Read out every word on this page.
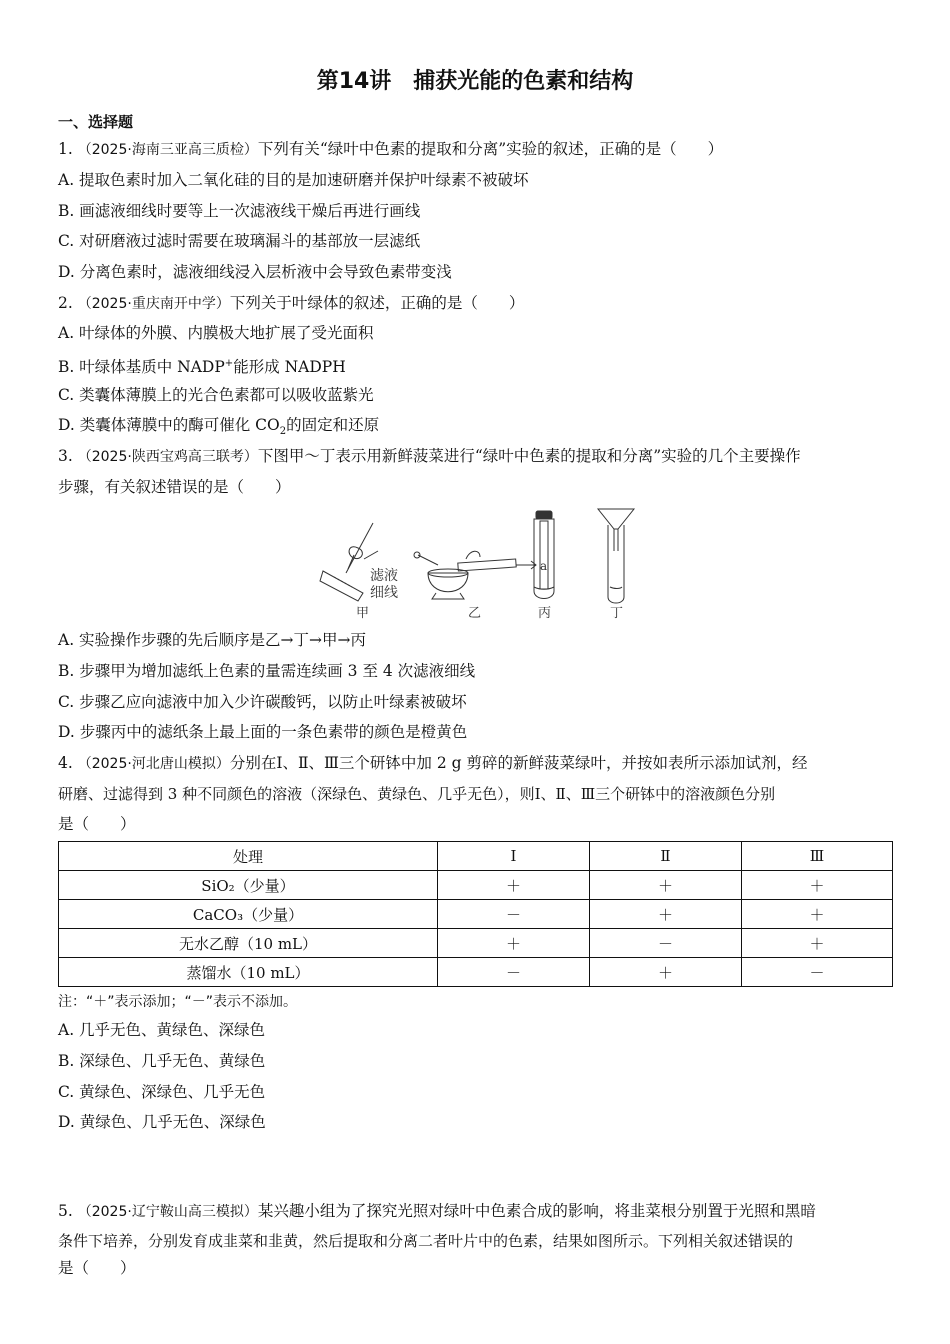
第14讲　捕获光能的色素和结构
一、选择题
1. （2025·海南三亚高三质检）下列有关“绿叶中色素的提取和分离”实验的叙述，正确的是（　　）
A. 提取色素时加入二氧化硅的目的是加速研磨并保护叶绿素不被破坏
B. 画滤液细线时要等上一次滤液线干燥后再进行画线
C. 对研磨液过滤时需要在玻璃漏斗的基部放一层滤纸
D. 分离色素时，滤液细线浸入层析液中会导致色素带变浅
2. （2025·重庆南开中学）下列关于叶绿体的叙述，正确的是（　　）
A. 叶绿体的外膜、内膜极大地扩展了受光面积
B. 叶绿体基质中 NADP+能形成 NADPH
C. 类囊体薄膜上的光合色素都可以吸收蓝紫光
D. 类囊体薄膜中的酶可催化 $CO_2$的固定和还原
3. （2025·陕西宝鸡高三联考）下图甲～丁表示用新鲜菠菜进行“绿叶中色素的提取和分离”实验的几个主要操作
步骤，有关叙述错误的是（　　）
滤液
细线
甲
a
乙	丙	丁
A. 实验操作步骤的先后顺序是乙→丁→甲→丙
B. 步骤甲为增加滤纸上色素的量需连续画 3 至 4 次滤液细线
C. 步骤乙应向滤液中加入少许碳酸钙，以防止叶绿素被破坏
D. 步骤丙中的滤纸条上最上面的一条色素带的颜色是橙黄色
4. （2025·河北唐山模拟）分别在Ⅰ、Ⅱ、Ⅲ三个研钵中加 2 g 剪碎的新鲜菠菜绿叶，并按如表所示添加试剂，经
研磨、过滤得到 3 种不同颜色的溶液（深绿色、黄绿色、几乎无色），则Ⅰ、Ⅱ、Ⅲ三个研钵中的溶液颜色分别
是（　　）
处理	Ⅰ	Ⅱ	Ⅲ
SiO₂（少量）	＋	＋	＋
CaCO₃（少量）	－	＋	＋
无水乙醇（10 mL）	＋	－	＋
蒸馏水（10 mL）	－	＋	－
注：“＋”表示添加；“－”表示不添加。
A. 几乎无色、黄绿色、深绿色
B. 深绿色、几乎无色、黄绿色
C. 黄绿色、深绿色、几乎无色
D. 黄绿色、几乎无色、深绿色
5. （2025·辽宁鞍山高三模拟）某兴趣小组为了探究光照对绿叶中色素合成的影响，将韭菜根分别置于光照和黑暗
条件下培养，分别发育成韭菜和韭黄，然后提取和分离二者叶片中的色素，结果如图所示。下列相关叙述错误的
是（　　）
